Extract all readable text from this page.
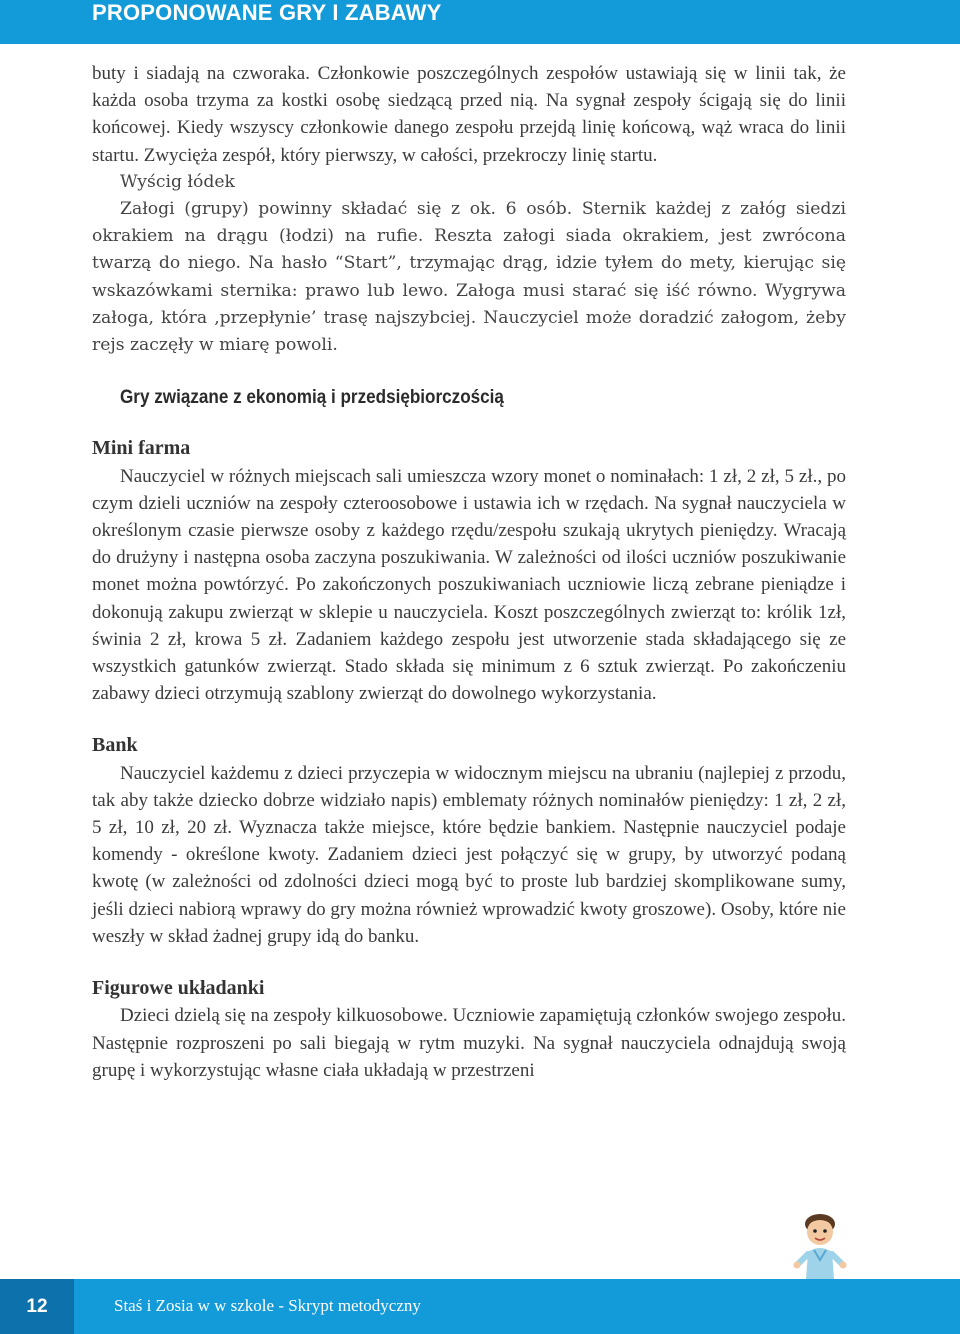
PROPONOWANE GRY I ZABAWY

buty i siadają na czworaka. Członkowie poszczególnych zespołów ustawiają się w linii tak, że każda osoba trzyma za kostki osobę siedzącą przed nią. Na sygnał zespoły ścigają się do linii końcowej. Kiedy wszyscy członkowie danego zespołu przejdą linię końcową, wąż wraca do linii startu. Zwycięża zespół, który pierwszy, w całości, przekroczy linię startu.

Wyścig łódek

Załogi (grupy) powinny składać się z ok. 6 osób. Sternik każdej z załóg siedzi okrakiem na drągu (łodzi) na rufie. Reszta załogi siada okrakiem, jest zwrócona twarzą do niego. Na hasło “Start”, trzymając drąg, idzie tyłem do mety, kierując się wskazówkami sternika: prawo lub lewo. Załoga musi starać się iść równo. Wygrywa załoga, która ‚przepłynie’ trasę najszybciej. Nauczyciel może doradzić załogom, żeby rejs zaczęły w miarę powoli.

Gry związane z ekonomią i przedsiębiorczością

Mini farma

Nauczyciel w różnych miejscach sali umieszcza wzory monet o nominałach: 1 zł, 2 zł, 5 zł., po czym dzieli uczniów na zespoły czteroosobowe i ustawia ich w rzędach. Na sygnał nauczyciela w określonym czasie pierwsze osoby z każdego rzędu/zespołu szukają ukrytych pieniędzy. Wracają do drużyny i następna osoba zaczyna poszukiwania. W zależności od ilości uczniów poszukiwanie monet można powtórzyć. Po zakończonych poszukiwaniach uczniowie liczą zebrane pieniądze i dokonują zakupu zwierząt w sklepie u nauczyciela. Koszt poszczególnych zwierząt to: królik 1zł, świnia 2 zł, krowa 5 zł. Zadaniem każdego zespołu jest utworzenie stada składającego się ze wszystkich gatunków zwierząt. Stado składa się minimum z 6 sztuk zwierząt. Po zakończeniu zabawy dzieci otrzymują szablony zwierząt do dowolnego wykorzystania.

Bank

Nauczyciel każdemu z dzieci przyczepia w widocznym miejscu na ubraniu (najlepiej z przodu, tak aby także dziecko dobrze widziało napis) emblematy różnych nominałów pieniędzy: 1 zł, 2 zł, 5 zł, 10 zł, 20 zł. Wyznacza także miejsce, które będzie bankiem. Następnie nauczyciel podaje komendy - określone kwoty. Zadaniem dzieci jest połączyć się w grupy, by utworzyć podaną kwotę (w zależności od zdolności dzieci mogą być to proste lub bardziej skomplikowane sumy, jeśli dzieci nabiorą wprawy do gry można również wprowadzić kwoty groszowe). Osoby, które nie weszły w skład żadnej grupy idą do banku.

Figurowe układanki

Dzieci dzielą się na zespoły kilkuosobowe. Uczniowie zapamiętują członków swojego zespołu. Następnie rozproszeni po sali biegają w rytm muzyki. Na sygnał nauczyciela odnajdują swoją grupę i wykorzystując własne ciała układają w przestrzeni

12	Staś i Zosia w w szkole - Skrypt metodyczny
